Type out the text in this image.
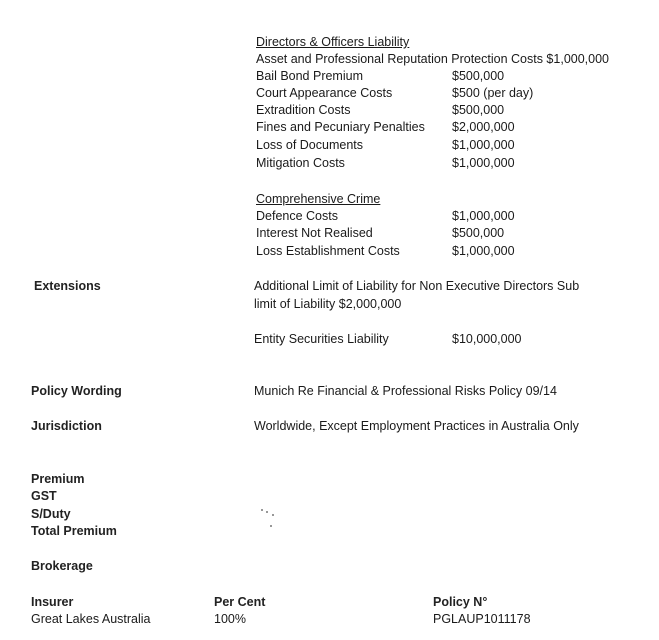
Directors & Officers Liability
Asset and Professional Reputation Protection Costs $1,000,000
Bail Bond Premium	$500,000
Court Appearance Costs	$500 (per day)
Extradition Costs	$500,000
Fines and Pecuniary Penalties $2,000,000
Loss of Documents	$1,000,000
Mitigation Costs	$1,000,000
Comprehensive Crime
Defence Costs	$1,000,000
Interest Not Realised	$500,000
Loss Establishment Costs	$1,000,000
Extensions	Additional Limit of Liability for Non Executive Directors Sub
limit of Liability $2,000,000
Entity Securities Liability	$10,000,000
Policy Wording	Munich Re Financial & Professional Risks Policy 09/14
Jurisdiction	Worldwide, Except Employment Practices in Australia Only
Premium
GST
S/Duty
Total Premium
Brokerage
Insurer	Per Cent	Policy N°
Great Lakes Australia	100%	PGLAUP1011178
